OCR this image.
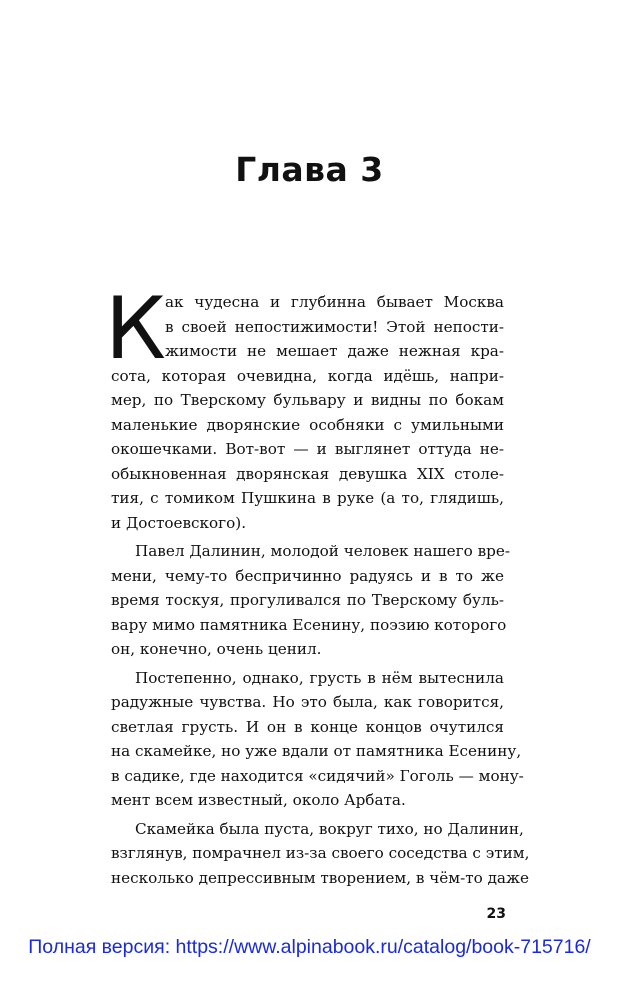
Глава 3
К
ак чудесна и глубинна бывает Москва
в своей непостижимости! Этой непости-
жимости не мешает даже нежная кра-
сота, которая очевидна, когда идёшь, напри-
мер, по Тверскому бульвару и видны по бокам
маленькие дворянские особняки с умильными
окошечками. Вот-вот — и выглянет оттуда не-
обыкновенная дворянская девушка XIX столе-
тия, с томиком Пушкина в руке (а то, глядишь,
и Достоевского).
Павел Далинин, молодой человек нашего вре-
мени, чему-то беспричинно радуясь и в то же
время тоскуя, прогуливался по Тверскому буль-
вару мимо памятника Есенину, поэзию которого
он, конечно, очень ценил.
Постепенно, однако, грусть в нём вытеснила
радужные чувства. Но это была, как говорится,
светлая грусть. И он в конце концов очутился
на скамейке, но уже вдали от памятника Есенину,
в садике, где находится «сидячий» Гоголь — мону-
мент всем известный, около Арбата.
Скамейка была пуста, вокруг тихо, но Далинин,
взглянув, помрачнел из-за своего соседства с этим,
несколько депрессивным творением, в чём-то даже
23
Полная версия: https://www.alpinabook.ru/catalog/book-715716/
